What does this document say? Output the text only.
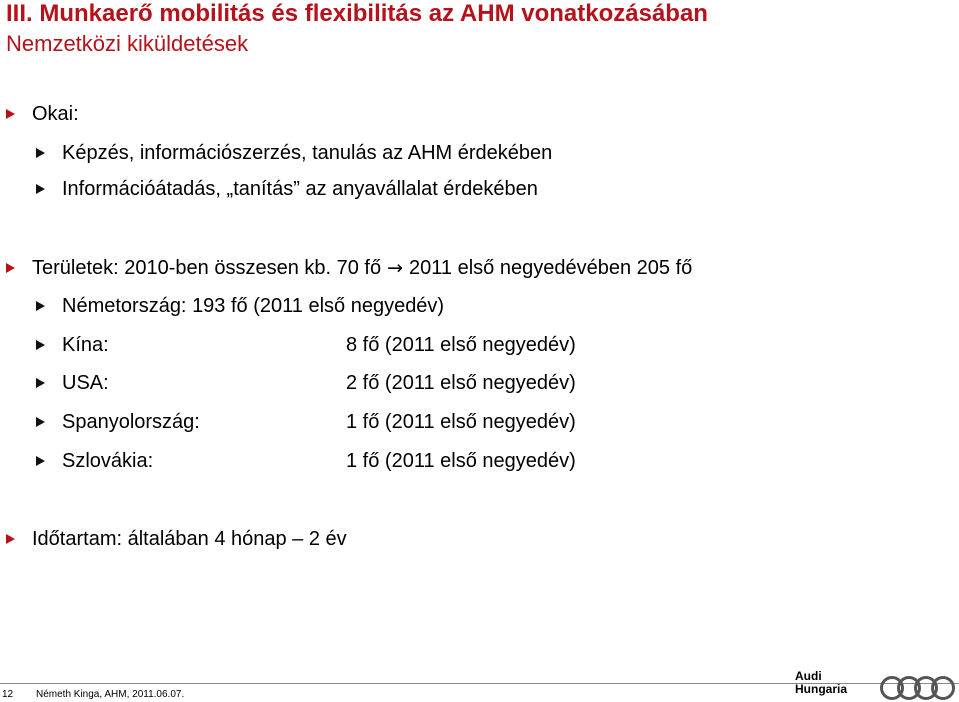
III. Munkaerő mobilitás és flexibilitás az AHM vonatkozásában
Nemzetközi kiküldetések
Okai:
Képzés, információszerzés, tanulás az AHM érdekében
Információátadás, „tanítás” az anyavállalat érdekében
Területek: 2010-ben összesen kb. 70 fő → 2011 első negyedévében 205 fő
Németország: 193 fő (2011 első negyedév)
Kína:	8 fő (2011 első negyedév)
USA:	2 fő (2011 első negyedév)
Spanyolország:	1 fő (2011 első negyedév)
Szlovákia:	1 fő (2011 első negyedév)
Időtartam: általában 4 hónap – 2 év
12 Németh Kinga, AHM, 2011.06.07.
Audi
Hungaria
